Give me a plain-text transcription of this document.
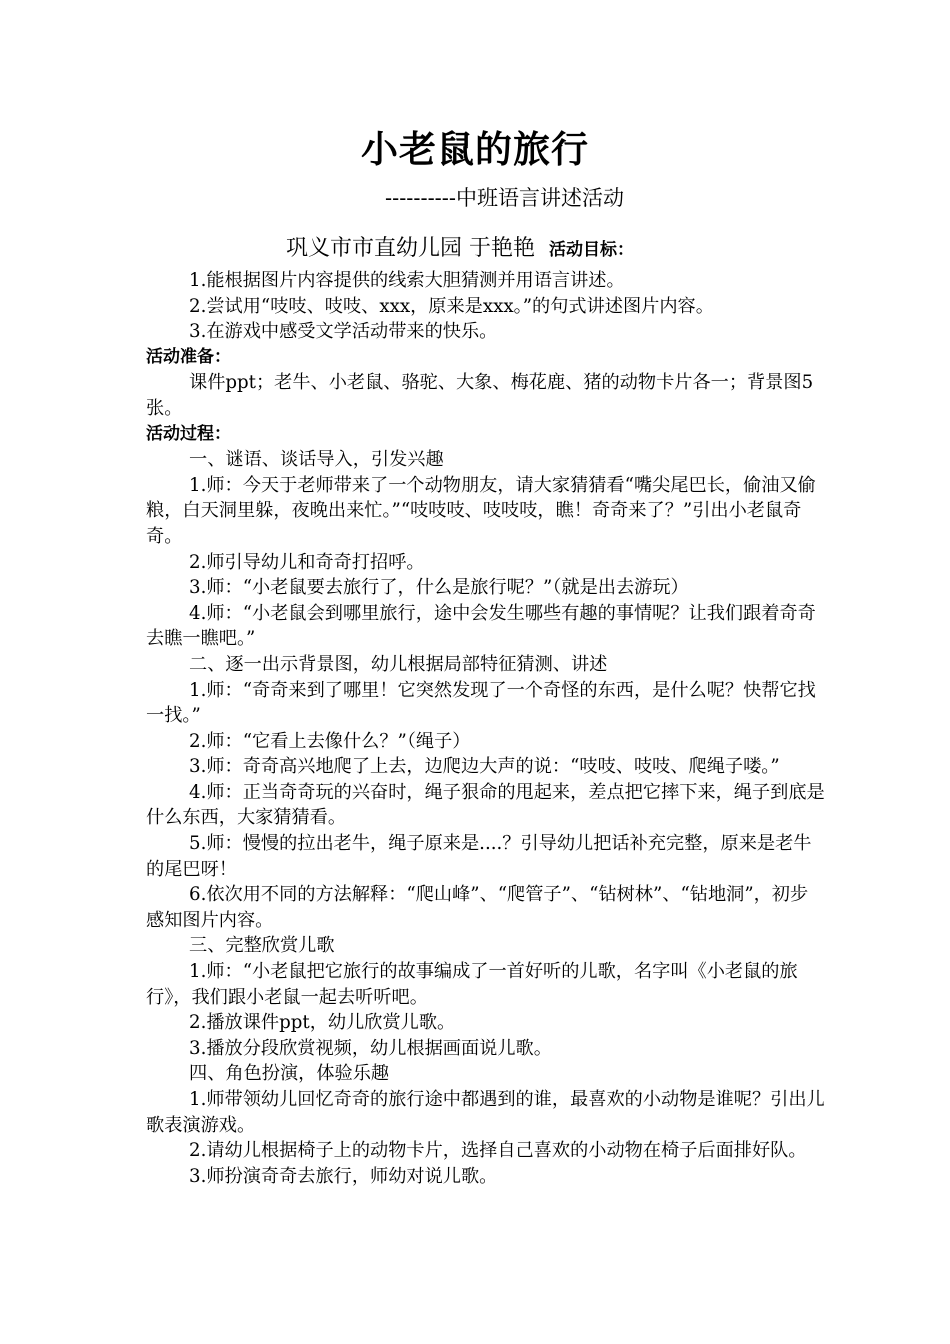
小老鼠的旅行
----------中班语言讲述活动
巩义市市直幼儿园 于艳艳 活动目标：

1.能根据图片内容提供的线索大胆猜测并用语言讲述。

2.尝试用“吱吱、吱吱、xxx，原来是xxx。”的句式讲述图片内容。

3.在游戏中感受文学活动带来的快乐。

活动准备：

课件ppt；老牛、小老鼠、骆驼、大象、梅花鹿、猪的动物卡片各一；背景图5张。

活动过程：

一、谜语、谈话导入，引发兴趣

1.师：今天于老师带来了一个动物朋友，请大家猜猜看“嘴尖尾巴长，偷油又偷粮，白天洞里躲，夜晚出来忙。”“吱吱吱、吱吱吱，瞧！奇奇来了？”引出小老鼠奇奇。

2.师引导幼儿和奇奇打招呼。

3.师：“小老鼠要去旅行了，什么是旅行呢？”（就是出去游玩）

4.师：“小老鼠会到哪里旅行，途中会发生哪些有趣的事情呢？让我们跟着奇奇去瞧一瞧吧。”

二、逐一出示背景图，幼儿根据局部特征猜测、讲述

1.师：“奇奇来到了哪里！它突然发现了一个奇怪的东西，是什么呢？快帮它找一找。”

2.师：“它看上去像什么？”（绳子）

3.师：奇奇高兴地爬了上去，边爬边大声的说：“吱吱、吱吱、爬绳子喽。”

4.师：正当奇奇玩的兴奋时，绳子狠命的甩起来，差点把它摔下来，绳子到底是什么东西，大家猜猜看。

5.师：慢慢的拉出老牛，绳子原来是....？引导幼儿把话补充完整，原来是老牛的尾巴呀！

6.依次用不同的方法解释：“爬山峰”、“爬管子”、“钻树林”、“钻地洞”，初步感知图片内容。

三、完整欣赏儿歌

1.师：“小老鼠把它旅行的故事编成了一首好听的儿歌，名字叫《小老鼠的旅行》，我们跟小老鼠一起去听听吧。

2.播放课件ppt，幼儿欣赏儿歌。

3.播放分段欣赏视频，幼儿根据画面说儿歌。

四、角色扮演，体验乐趣

1.师带领幼儿回忆奇奇的旅行途中都遇到的谁，最喜欢的小动物是谁呢？引出儿歌表演游戏。

2.请幼儿根据椅子上的动物卡片，选择自己喜欢的小动物在椅子后面排好队。

3.师扮演奇奇去旅行，师幼对说儿歌。
